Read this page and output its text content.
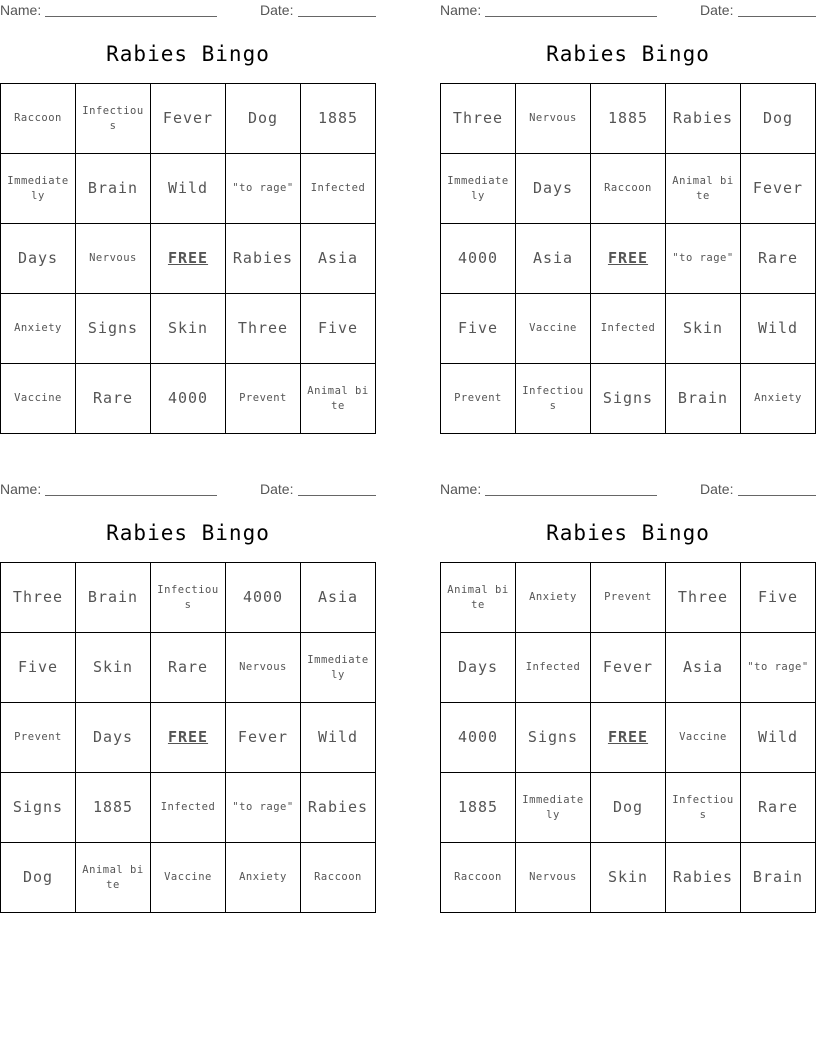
Name:	Date:
Rabies Bingo
Raccoon
Infectious	Fever	Dog	1885
Immediately	Brain	Wild	"to rage"	Infected
Days	Nervous	FREE	Rabies	Asia
Anxiety	Signs	Skin	Three	Five
Vaccine	Rare	4000	Prevent
Animal bite
Name:	Date:
Rabies Bingo
Three	Nervous	1885	Rabies	Dog
Immediately	Days	Raccoon
Animal bite	Fever
4000	Asia	FREE	"to rage"	Rare
Five	Vaccine	Infected	Skin	Wild
Prevent
Infectious	Signs	Brain	Anxiety
Name:	Date:
Rabies Bingo
Three	Brain	Infectious	4000	Asia
Five	Skin	Rare	Nervous
Immediately
Prevent	Days	FREE	Fever	Wild
Signs	1885	Infected	"to rage" Rabies
Dog	Animal bite
Vaccine	Anxiety	Raccoon
Name:	Date:
Rabies Bingo
Animal bite
Anxiety	Prevent	Three	Five
Days	Infected	Fever	Asia	"to rage"
4000	Signs	FREE	Vaccine	Wild
1885	Immediately	Dog	Infectious	Rare
Raccoon	Nervous	Skin	Rabies	Brain
